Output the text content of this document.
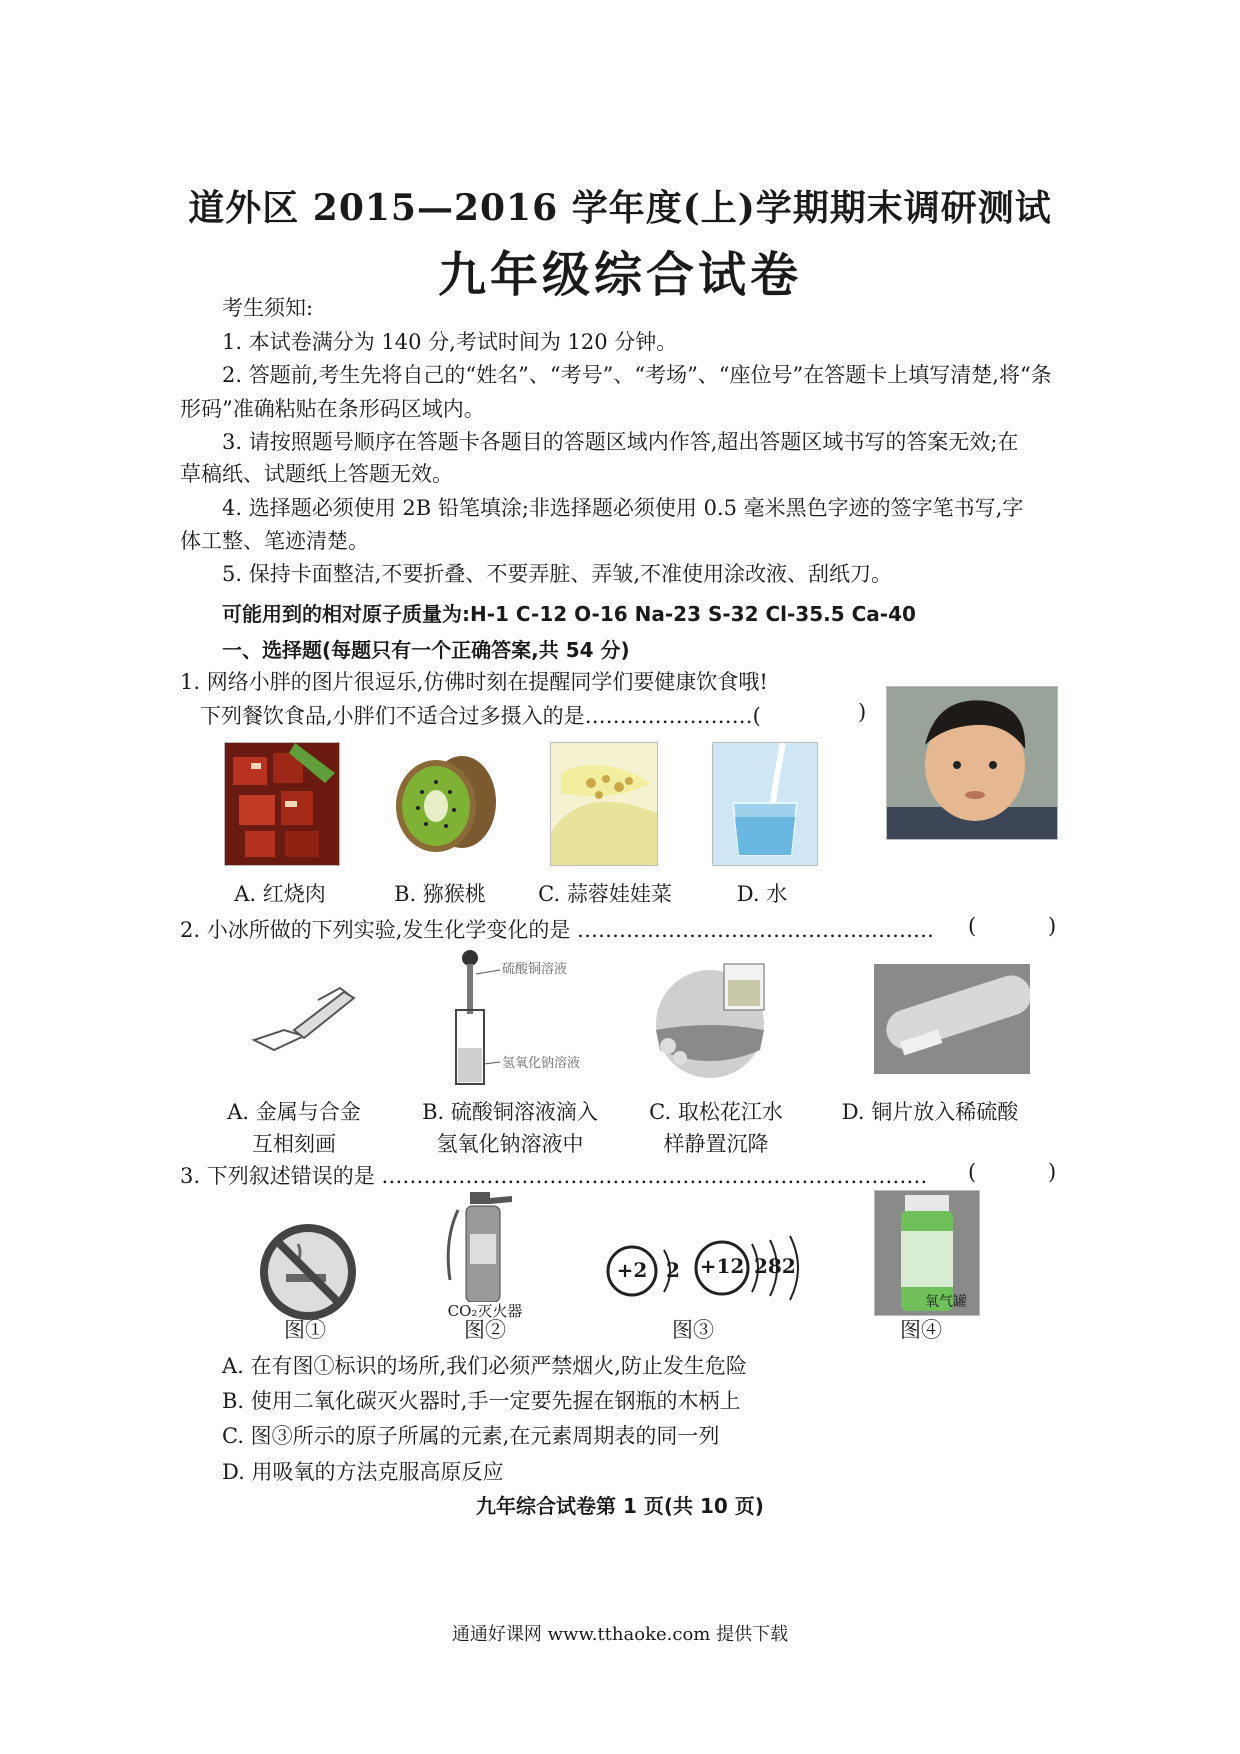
道外区 2015—2016 学年度(上)学期期末调研测试
九年级综合试卷
考生须知:
1. 本试卷满分为 140 分,考试时间为 120 分钟。
2. 答题前,考生先将自己的“姓名”、“考号”、“考场”、“座位号”在答题卡上填写清楚,将“条
形码”准确粘贴在条形码区域内。
3. 请按照题号顺序在答题卡各题目的答题区域内作答,超出答题区域书写的答案无效;在
草稿纸、试题纸上答题无效。
4. 选择题必须使用 2B 铅笔填涂;非选择题必须使用 0.5 毫米黑色字迹的签字笔书写,字
体工整、笔迹清楚。
5. 保持卡面整洁,不要折叠、不要弄脏、弄皱,不准使用涂改液、刮纸刀。
可能用到的相对原子质量为:H-1 C-12 O-16 Na-23 S-32 Cl-35.5 Ca-40
一、选择题(每题只有一个正确答案,共 54 分)
1. 网络小胖的图片很逗乐,仿佛时刻在提醒同学们要健康饮食哦!
下列餐饮食品,小胖们不适合过多摄入的是……………………(	)
A. 红烧肉	B. 猕猴桃	C. 蒜蓉娃娃菜	D. 水
2. 小冰所做的下列实验,发生化学变化的是 …………………………………………… (	)
硫酸铜溶液
氢氧化钠溶液
A. 金属与合金
互相刻画
B. 硫酸铜溶液滴入
氢氧化钠溶液中
C. 取松花江水
样静置沉降
D. 铜片放入稀硫酸
3. 下列叙述错误的是 …………………………………………………………………… (	)
CO₂灭火器
+2 2 +12 282
氧气罐
图①	图②	图③	图④
A. 在有图①标识的场所,我们必须严禁烟火,防止发生危险
B. 使用二氧化碳灭火器时,手一定要先握在钢瓶的木柄上
C. 图③所示的原子所属的元素,在元素周期表的同一列
D. 用吸氧的方法克服高原反应
九年综合试卷第 1 页(共 10 页)
通通好课网 www.tthaoke.com 提供下载
